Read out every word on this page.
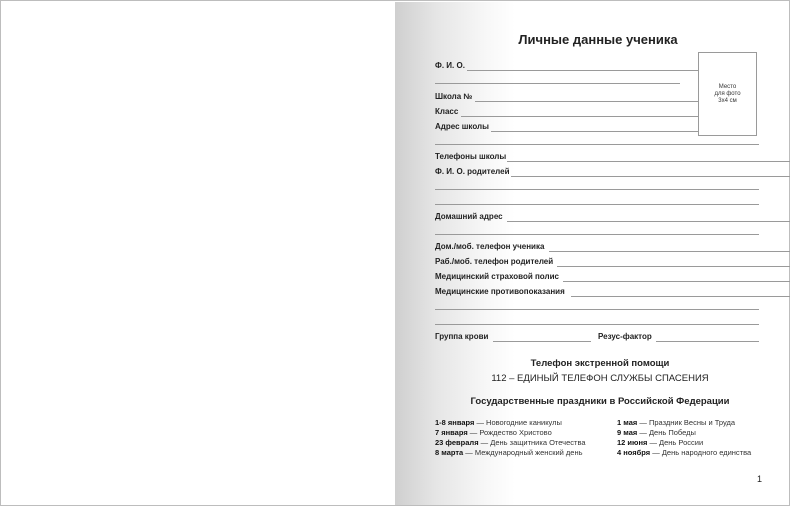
Личные данные ученика
Ф. И. О.
Школа №
Класс
Адрес школы
Телефоны школы
Ф. И. О. родителей
Домашний адрес
Дом./моб. телефон ученика
Раб./моб. телефон родителей
Медицинский страховой полис
Медицинские противопоказания
Группа крови	Резус-фактор
Место
для фото
3х4 см
Телефон экстренной помощи
112 – ЕДИНЫЙ ТЕЛЕФОН СЛУЖБЫ СПАСЕНИЯ
Государственные праздники в Российской Федерации
1-8 января — Новогодние каникулы
7 января — Рождество Христово
23 февраля — День защитника Отечества
8 марта — Международный женский день
1 мая — Праздник Весны и Труда
9 мая — День Победы
12 июня — День России
4 ноября — День народного единства
1
